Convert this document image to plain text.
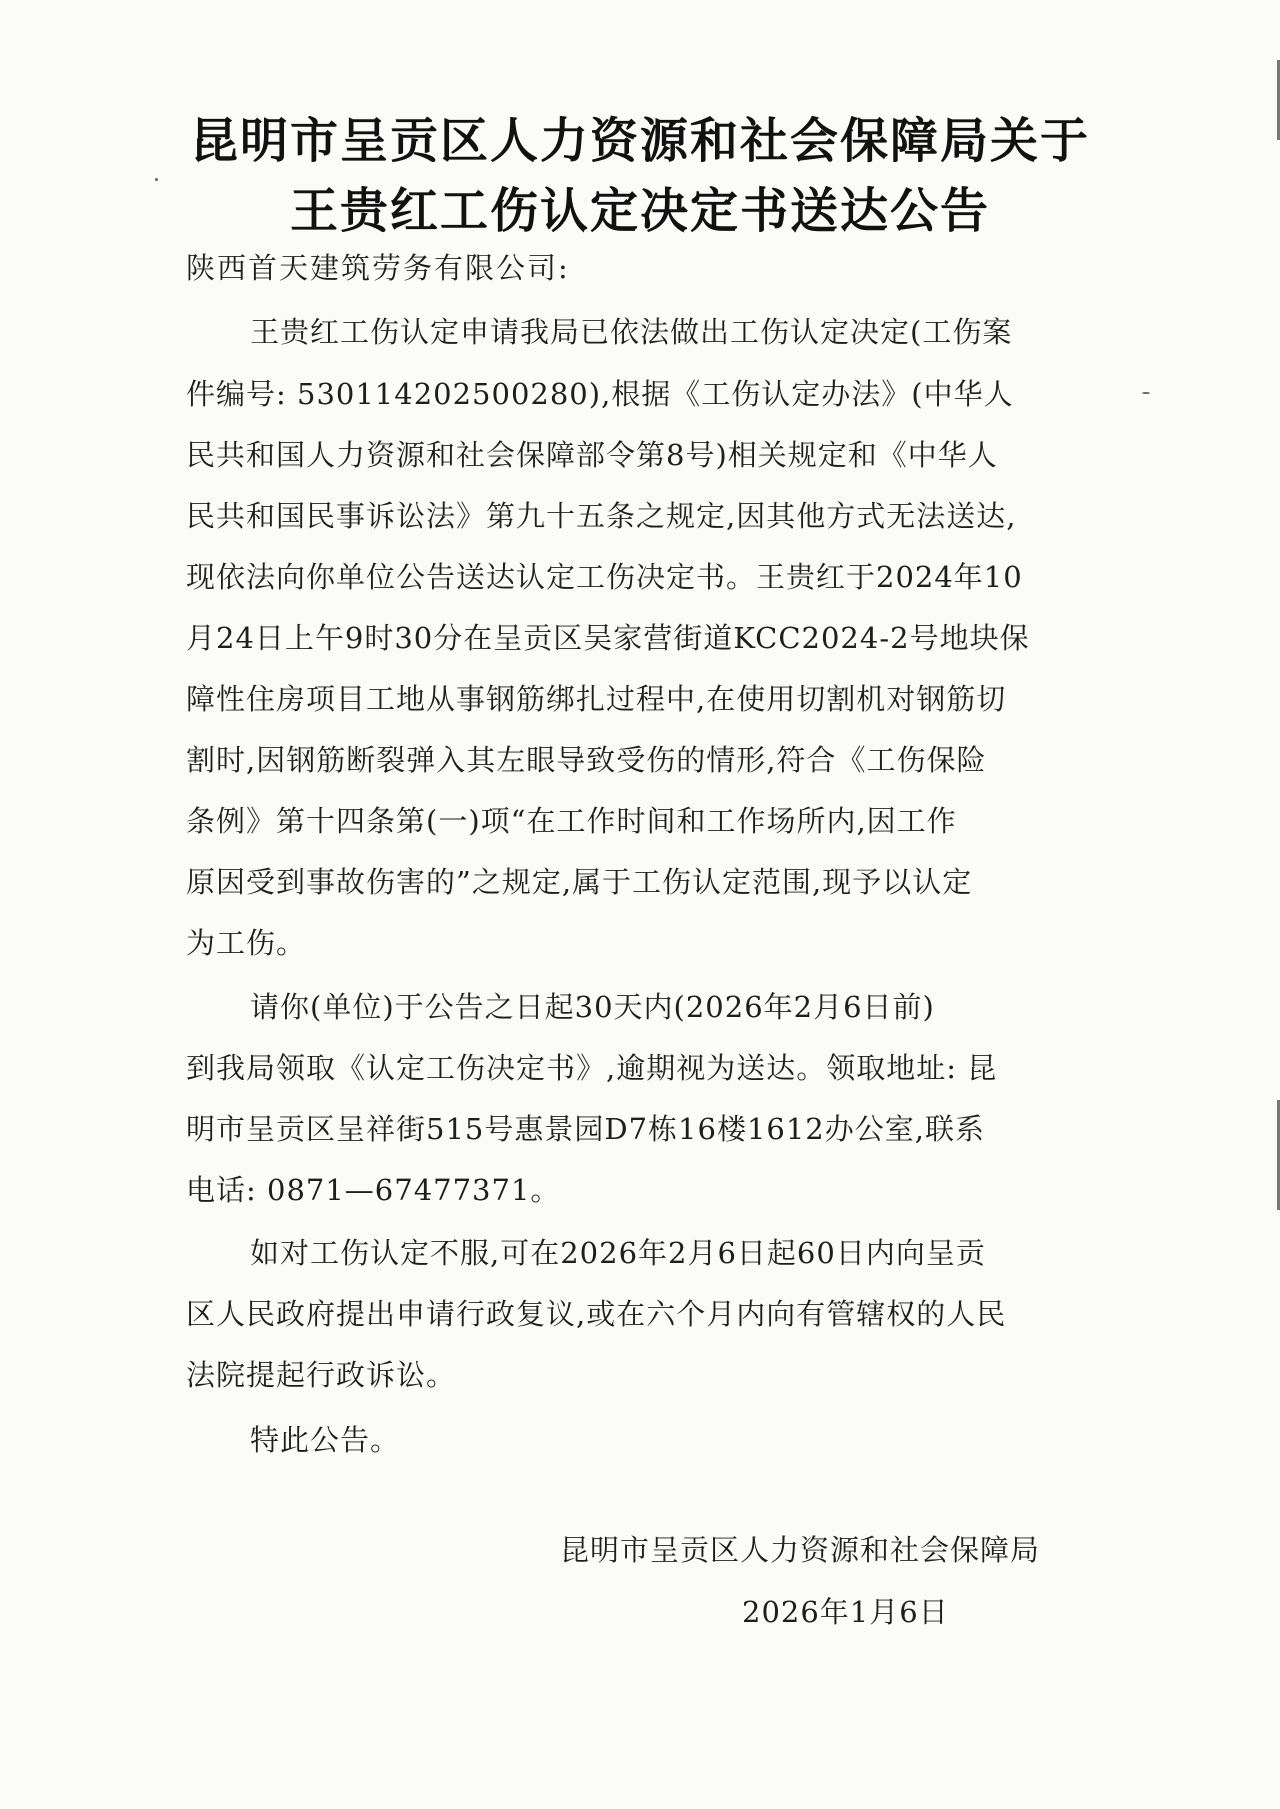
昆明市呈贡区人力资源和社会保障局关于
王贵红工伤认定决定书送达公告
陕西首天建筑劳务有限公司:
王贵红工伤认定申请我局已依法做出工伤认定决定(工伤案
件编号: 530114202500280),根据《工伤认定办法》(中华人
民共和国人力资源和社会保障部令第8号)相关规定和《中华人
民共和国民事诉讼法》第九十五条之规定,因其他方式无法送达,
现依法向你单位公告送达认定工伤决定书。王贵红于2024年10
月24日上午9时30分在呈贡区吴家营街道KCC2024-2号地块保
障性住房项目工地从事钢筋绑扎过程中,在使用切割机对钢筋切
割时,因钢筋断裂弹入其左眼导致受伤的情形,符合《工伤保险
条例》第十四条第(一)项“在工作时间和工作场所内,因工作
原因受到事故伤害的”之规定,属于工伤认定范围,现予以认定
为工伤。
请你(单位)于公告之日起30天内(2026年2月6日前)
到我局领取《认定工伤决定书》,逾期视为送达。领取地址: 昆
明市呈贡区呈祥街515号惠景园D7栋16楼1612办公室,联系
电话: 0871—67477371。
如对工伤认定不服,可在2026年2月6日起60日内向呈贡
区人民政府提出申请行政复议,或在六个月内向有管辖权的人民
法院提起行政诉讼。
特此公告。
昆明市呈贡区人力资源和社会保障局
2026年1月6日
